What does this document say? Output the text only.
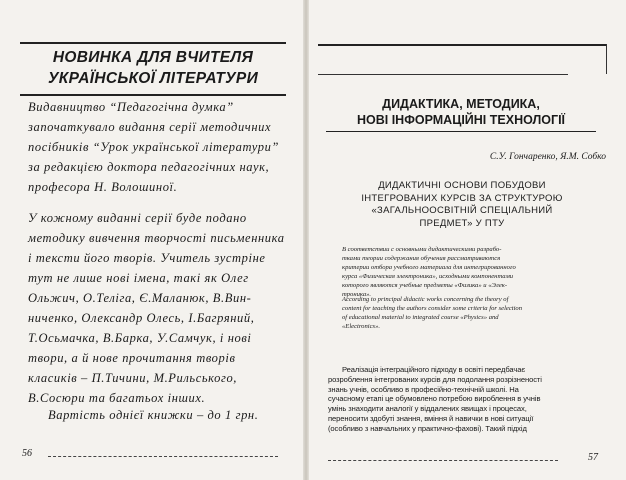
НОВИНКА ДЛЯ ВЧИТЕЛЯ
УКРАЇНСЬКОЇ ЛІТЕРАТУРИ
Видавництво “Педагогічна думка”
започаткувало видання серії методичних
посібників “Урок української літератури”
за редакцією доктора педагогічних наук,
професора Н. Волошиної.
У кожному виданні серії буде подано
методику вивчення творчості письменника
і тексти його творів. Учитель зустріне
тут не лише нові імена, такі як Олег
Ольжич, О.Теліга, Є.Маланюк, В.Вин-
ниченко, Олександр Олесь, І.Багряний,
Т.Осьмачка, В.Барка, У.Самчук, і нові
твори, а й нове прочитання творів
класиків – П.Тичини, М.Рильського,
В.Сосюри та багатьох інших.
Вартість однієї книжки – до 1 грн.
56
ДИДАКТИКА, МЕТОДИКА,
НОВІ ІНФОРМАЦІЙНІ ТЕХНОЛОГІЇ
С.У. Гончаренко, Я.М. Собко
ДИДАКТИЧНІ ОСНОВИ ПОБУДОВИ
ІНТЕГРОВАНИХ КУРСІВ ЗА СТРУКТУРОЮ
«ЗАГАЛЬНООСВІТНІЙ СПЕЦІАЛЬНИЙ
ПРЕДМЕТ» У ПТУ
В соответствии с основными дидактическими разрабо-
тками теории содержания обучения рассматриваются
критерии отбора учебного материала для интегрированного
курса «Физическая электроника», исходными компонентами
которого являются учебные предметы «Физика» и «Элек-
троника».
According to principal didactic works concerning the theory of
content for teaching the authors consider some criteria for selection
of educational material to integrated course «Physics» and
«Electronics».
Реалізація інтеграційного підходу в освіті передбачає
розроблення інтегрованих курсів для подолання розрізненості
знань учнів, особливо в професійно-технічній школі. На
сучасному етапі це обумовлено потребою вироблення в учнів
умінь знаходити аналогії у віддалених явищах і процесах,
переносити здобуті знання, вміння й навички в нові ситуації
(особливо з навчальних у практично-фахові). Такий підхід
57
